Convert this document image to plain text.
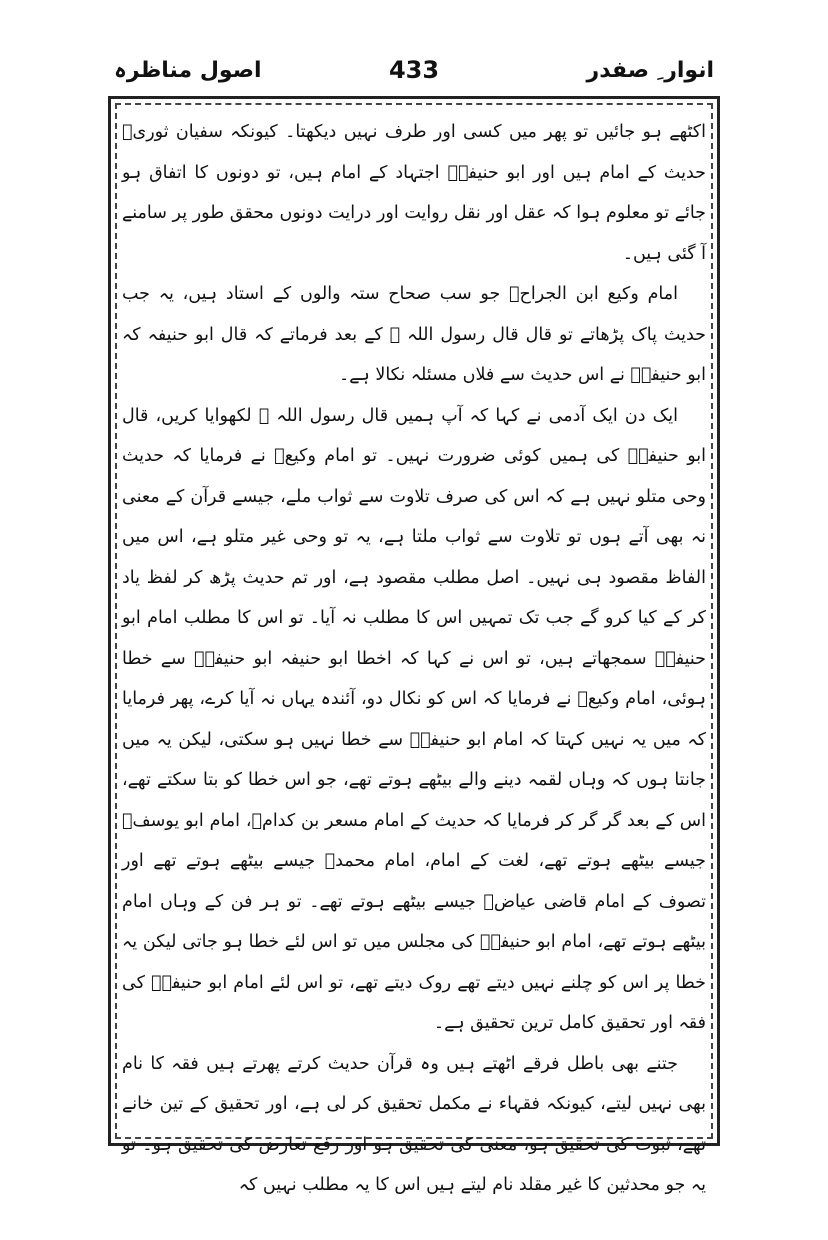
اصول مناظرہ	433	انوار ِ صفدر

اکٹھے ہو جائیں تو پھر میں کسی اور طرف نہیں دیکھتا۔ کیونکہ سفیان ثوریؒ حدیث کے امام ہیں اور ابو حنیفہؒ اجتہاد کے امام ہیں، تو دونوں کا اتفاق ہو جائے تو معلوم ہوا کہ عقل اور نقل روایت اور درایت دونوں محقق طور پر سامنے آ گئی ہیں۔

امام وکیع ابن الجراحؒ جو سب صحاح ستہ والوں کے استاد ہیں، یہ جب حدیث پاک پڑھاتے تو قال قال رسول اللہ ﷺ کے بعد فرماتے کہ قال ابو حنیفہ کہ ابو حنیفہؒ نے اس حدیث سے فلاں مسئلہ نکالا ہے۔

ایک دن ایک آدمی نے کہا کہ آپ ہمیں قال رسول اللہ ﷺ لکھوایا کریں، قال ابو حنیفہؒ کی ہمیں کوئی ضرورت نہیں۔ تو امام وکیعؒ نے فرمایا کہ حدیث وحی متلو نہیں ہے کہ اس کی صرف تلاوت سے ثواب ملے، جیسے قرآن کے معنی نہ بھی آتے ہوں تو تلاوت سے ثواب ملتا ہے، یہ تو وحی غیر متلو ہے، اس میں الفاظ مقصود ہی نہیں۔ اصل مطلب مقصود ہے، اور تم حدیث پڑھ کر لفظ یاد کر کے کیا کرو گے جب تک تمہیں اس کا مطلب نہ آیا۔ تو اس کا مطلب امام ابو حنیفہؒ سمجھاتے ہیں، تو اس نے کہا کہ اخطا ابو حنیفہ ابو حنیفہؒ سے خطا ہوئی، امام وکیعؒ نے فرمایا کہ اس کو نکال دو، آئندہ یہاں نہ آیا کرے، پھر فرمایا کہ میں یہ نہیں کہتا کہ امام ابو حنیفہؒ سے خطا نہیں ہو سکتی، لیکن یہ میں جانتا ہوں کہ وہاں لقمہ دینے والے بیٹھے ہوتے تھے، جو اس خطا کو بتا سکتے تھے، اس کے بعد گر گر کر فرمایا کہ حدیث کے امام مسعر بن کدامؒ، امام ابو یوسفؒ جیسے بیٹھے ہوتے تھے، لغت کے امام، امام محمدؒ جیسے بیٹھے ہوتے تھے اور تصوف کے امام قاضی عیاضؒ جیسے بیٹھے ہوتے تھے۔ تو ہر فن کے وہاں امام بیٹھے ہوتے تھے، امام ابو حنیفہؒ کی مجلس میں تو اس لئے خطا ہو جاتی لیکن یہ خطا پر اس کو چلنے نہیں دیتے تھے روک دیتے تھے، تو اس لئے امام ابو حنیفہؒ کی فقہ اور تحقیق کامل ترین تحقیق ہے۔

جتنے بھی باطل فرقے اٹھتے ہیں وہ قرآن حدیث کرتے پھرتے ہیں فقہ کا نام بھی نہیں لیتے، کیونکہ فقہاء نے مکمل تحقیق کر لی ہے، اور تحقیق کے تین خانے تھے، ثبوت کی تحقیق ہو، معنی کی تحقیق ہو اور رفع تعارض کی تحقیق ہو۔ تو یہ جو محدثین کا غیر مقلد نام لیتے ہیں اس کا یہ مطلب نہیں کہ
